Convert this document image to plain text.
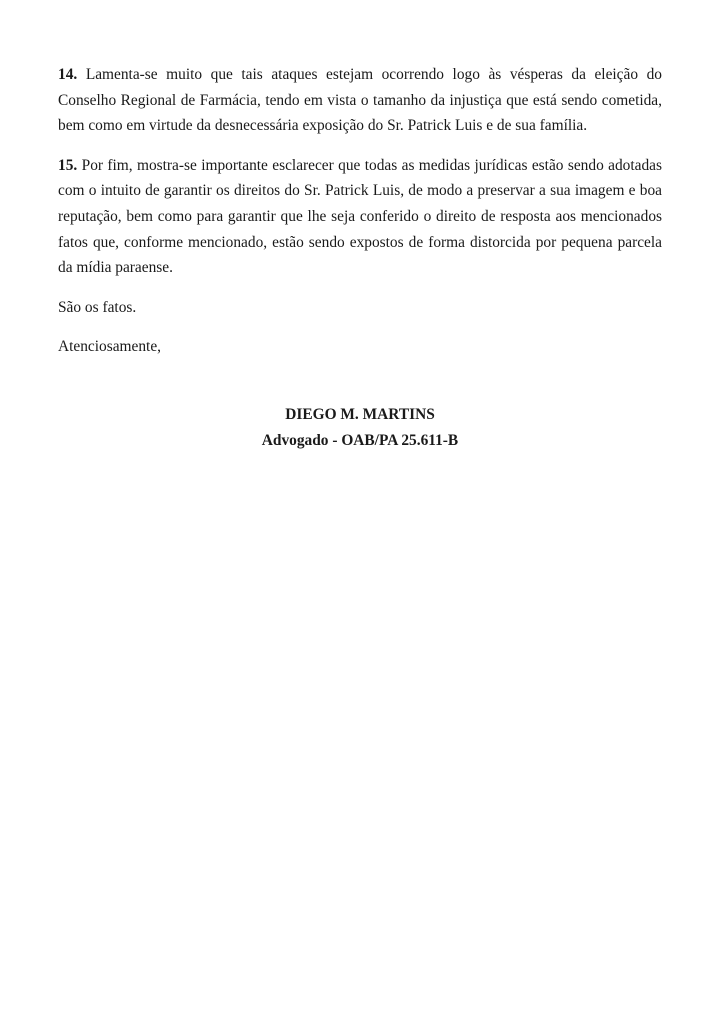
14. Lamenta-se muito que tais ataques estejam ocorrendo logo às vésperas da eleição do Conselho Regional de Farmácia, tendo em vista o tamanho da injustiça que está sendo cometida, bem como em virtude da desnecessária exposição do Sr. Patrick Luis e de sua família.

15. Por fim, mostra-se importante esclarecer que todas as medidas jurídicas estão sendo adotadas com o intuito de garantir os direitos do Sr. Patrick Luis, de modo a preservar a sua imagem e boa reputação, bem como para garantir que lhe seja conferido o direito de resposta aos mencionados fatos que, conforme mencionado, estão sendo expostos de forma distorcida por pequena parcela da mídia paraense.

São os fatos.

Atenciosamente,

DIEGO M. MARTINS
Advogado - OAB/PA 25.611-B
